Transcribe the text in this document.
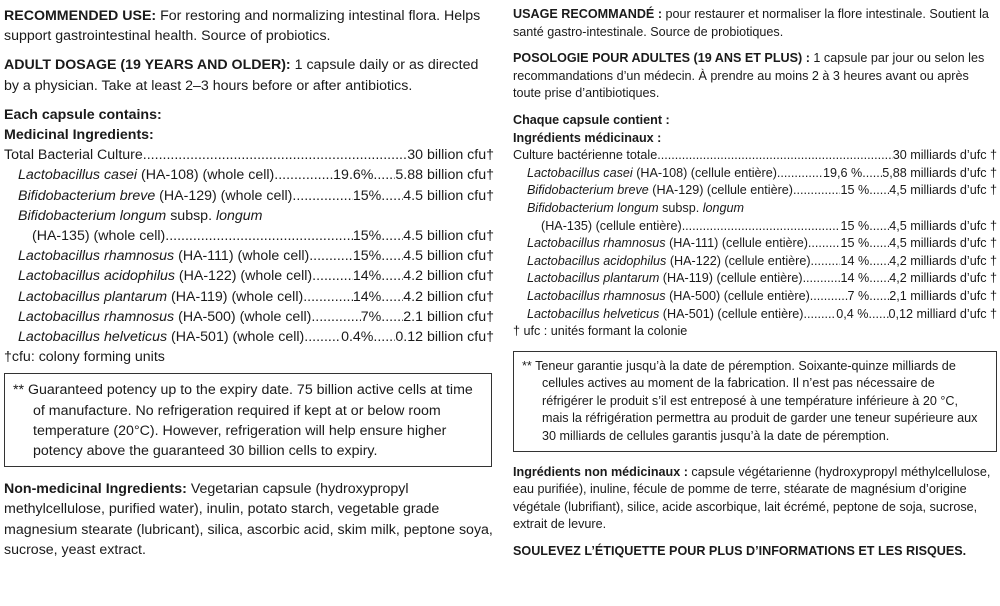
RECOMMENDED USE: For restoring and normalizing intestinal flora. Helps support gastrointestinal health. Source of probiotics.

ADULT DOSAGE (19 YEARS AND OLDER): 1 capsule daily or as directed by a physician. Take at least 2–3 hours before or after antibiotics.

Each capsule contains:

Medicinal Ingredients:

Total Bacterial Culture .....	30 billion cfu†
Lactobacillus casei (HA-108) (whole cell) .....	19.6% ..... 5.88 billion cfu†
Bifidobacterium breve (HA-129) (whole cell) .....	15% ..... 4.5 billion cfu†

Bifidobacterium longum subsp. longum

(HA-135) (whole cell) .....	15% ..... 4.5 billion cfu†
Lactobacillus rhamnosus (HA-111) (whole cell) .....	15% ..... 4.5 billion cfu†
Lactobacillus acidophilus (HA-122) (whole cell) .....	14% ..... 4.2 billion cfu†
Lactobacillus plantarum (HA-119) (whole cell) .....	14% ..... 4.2 billion cfu†
Lactobacillus rhamnosus (HA-500) (whole cell) .....	7% ..... 2.1 billion cfu†
Lactobacillus helveticus (HA-501) (whole cell) .....	0.4% ..... 0.12 billion cfu†

†cfu: colony forming units

** Guaranteed potency up to the expiry date. 75 billion active cells at time of manufacture. No refrigeration required if kept at or below room temperature (20°C). However, refrigeration will help ensure higher potency above the guaranteed 30 billion cells to expiry.

Non-medicinal Ingredients: Vegetarian capsule (hydroxypropyl methylcellulose, purified water), inulin, potato starch, vegetable grade magnesium stearate (lubricant), silica, ascorbic acid, skim milk, peptone soya, sucrose, yeast extract.

USAGE RECOMMANDÉ : pour restaurer et normaliser la flore intestinale. Soutient la santé gastro-intestinale. Source de probiotiques.

POSOLOGIE POUR ADULTES (19 ANS ET PLUS) : 1 capsule par jour ou selon les recommandations d’un médecin. À prendre au moins 2 à 3 heures avant ou après toute prise d’antibiotiques.

Chaque capsule contient :

Ingrédients médicinaux :

Culture bactérienne totale .....	30 milliards d’ufc †
Lactobacillus casei (HA-108) (cellule entière) .....	19,6 % ..... 5,88 milliards d’ufc †
Bifidobacterium breve (HA-129) (cellule entière) .....	15 % ..... 4,5 milliards d’ufc †

Bifidobacterium longum subsp. longum

(HA-135) (cellule entière) .....	15 % ..... 4,5 milliards d’ufc †
Lactobacillus rhamnosus (HA-111) (cellule entière) .....	15 % ..... 4,5 milliards d’ufc †
Lactobacillus acidophilus (HA-122) (cellule entière) ..... 14 % ..... 4,2 milliards d’ufc †
Lactobacillus plantarum (HA-119) (cellule entière) .....	14 % ..... 4,2 milliards d’ufc †
Lactobacillus rhamnosus (HA-500) (cellule entière) .....	7 % ..... 2,1 milliards d’ufc †
Lactobacillus helveticus (HA-501) (cellule entière) .....	0,4 % ..... 0,12 milliard d’ufc †

† ufc : unités formant la colonie

** Teneur garantie jusqu’à la date de péremption. Soixante-quinze milliards de cellules actives au moment de la fabrication. Il n’est pas nécessaire de réfrigérer le produit s’il est entreposé à une température inférieure à 20 °C, mais la réfrigération permettra au produit de garder une teneur supérieure aux 30 milliards de cellules garantis jusqu’à la date de péremption.

Ingrédients non médicinaux : capsule végétarienne (hydroxypropyl méthylcellulose, eau purifiée), inuline, fécule de pomme de terre, stéarate de magnésium d’origine végétale (lubrifiant), silice, acide ascorbique, lait écrémé, peptone de soja, sucrose, extrait de levure.

SOULEVEZ L’ÉTIQUETTE POUR PLUS D’INFORMATIONS ET LES RISQUES.
